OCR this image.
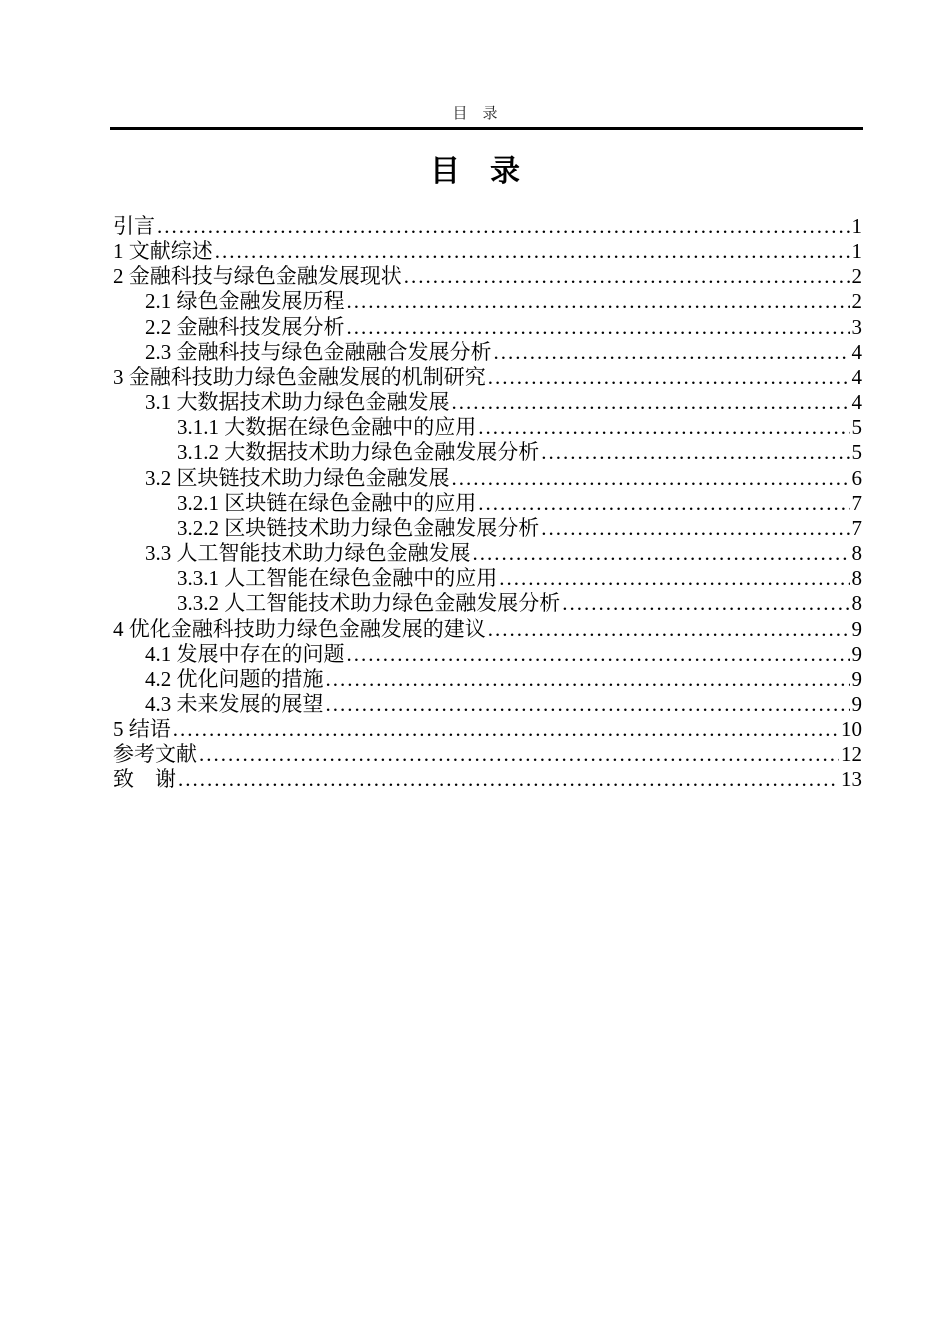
目　录
目　录
引言 .....	1
1 文献综述 .....	1
2 金融科技与绿色金融发展现状 .....	2
2.1 绿色金融发展历程 .....	2
2.2 金融科技发展分析 .....	3
2.3 金融科技与绿色金融融合发展分析 .....	4
3 金融科技助力绿色金融发展的机制研究 .....	4
3.1 大数据技术助力绿色金融发展 .....	4
3.1.1 大数据在绿色金融中的应用 .....	5
3.1.2 大数据技术助力绿色金融发展分析 .....	5
3.2 区块链技术助力绿色金融发展 .....	6
3.2.1 区块链在绿色金融中的应用 .....	7
3.2.2 区块链技术助力绿色金融发展分析 .....	7
3.3 人工智能技术助力绿色金融发展 .....	8
3.3.1 人工智能在绿色金融中的应用 .....	8
3.3.2 人工智能技术助力绿色金融发展分析 .....	8
4 优化金融科技助力绿色金融发展的建议 .....	9
4.1 发展中存在的问题 .....	9
4.2 优化问题的措施 .....	9
4.3 未来发展的展望 .....	9
5 结语 .....	10
参考文献 .....	12
致　谢 .....	13
